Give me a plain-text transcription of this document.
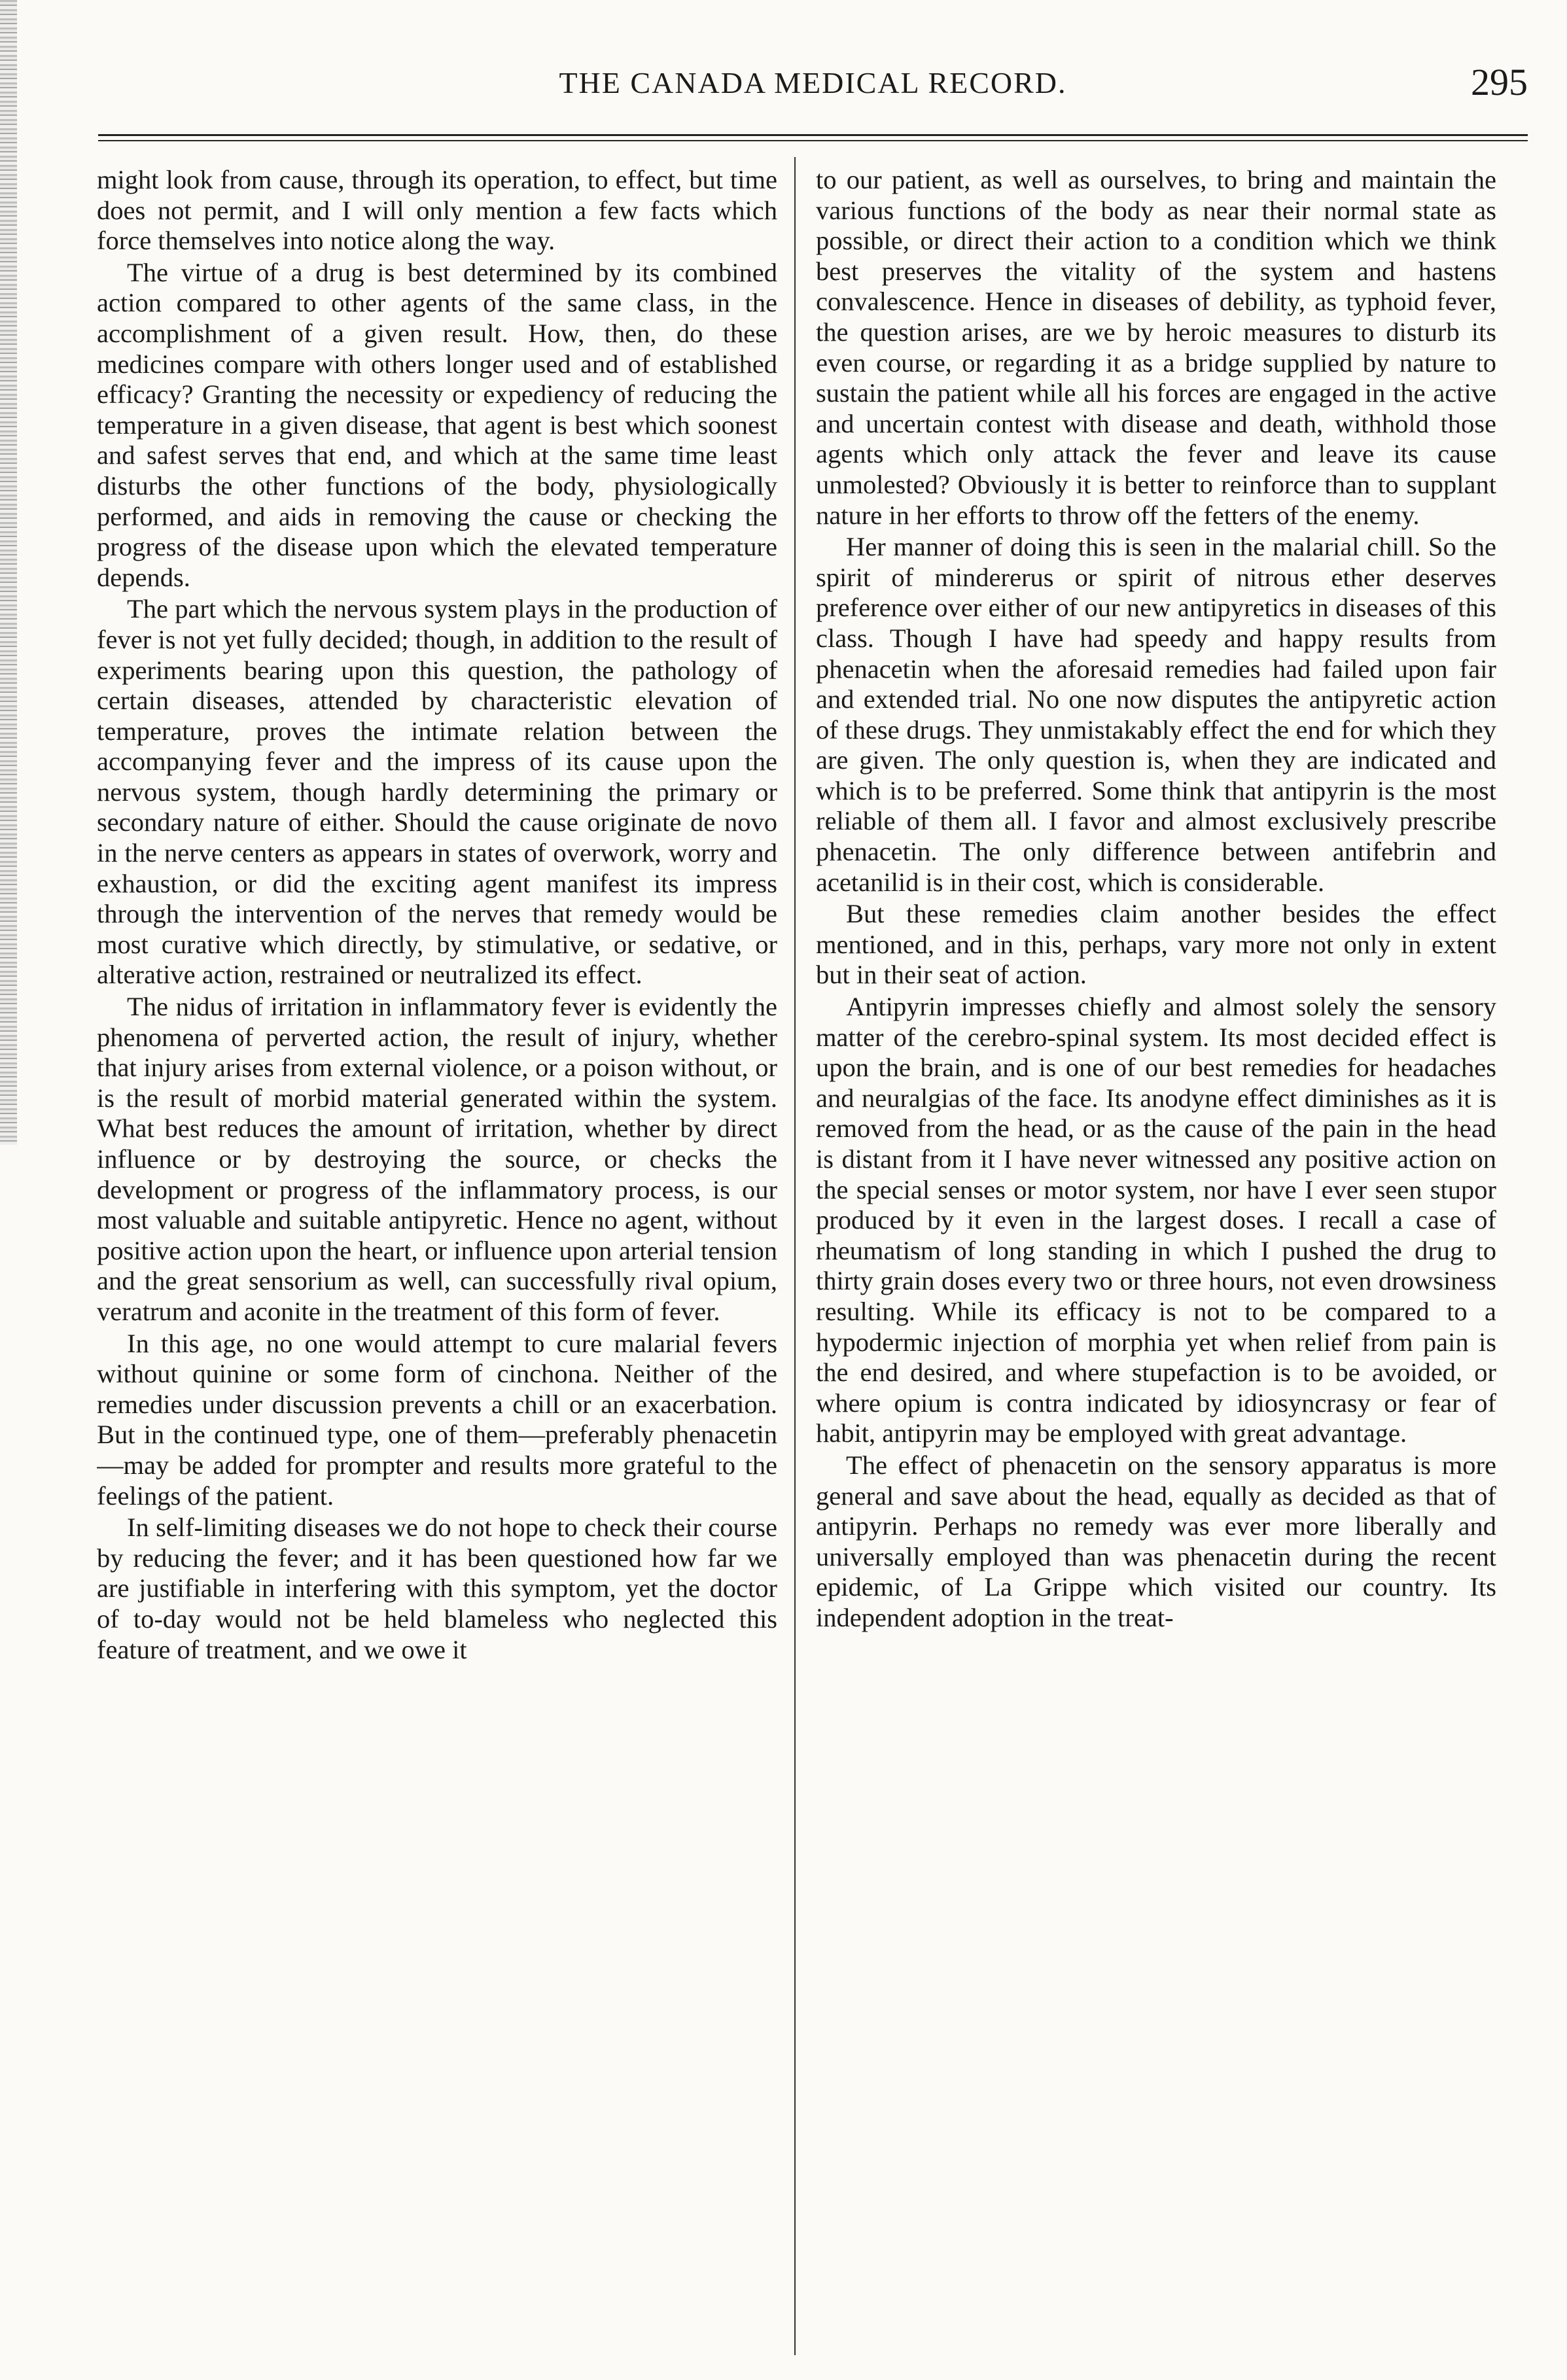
THE CANADA MEDICAL RECORD.	295

might look from cause, through its operation, to effect, but time does not permit, and I will only mention a few facts which force themselves into notice along the way.

The virtue of a drug is best determined by its combined action compared to other agents of the same class, in the accomplishment of a given result. How, then, do these medicines compare with others longer used and of established efficacy? Granting the necessity or expediency of reducing the temperature in a given disease, that agent is best which soonest and safest serves that end, and which at the same time least disturbs the other functions of the body, physiologically performed, and aids in removing the cause or checking the progress of the disease upon which the elevated temperature depends.

The part which the nervous system plays in the production of fever is not yet fully decided; though, in addition to the result of experiments bearing upon this question, the pathology of certain diseases, attended by characteristic elevation of temperature, proves the intimate relation between the accompanying fever and the impress of its cause upon the nervous system, though hardly determining the primary or secondary nature of either. Should the cause originate de novo in the nerve centers as appears in states of overwork, worry and exhaustion, or did the exciting agent manifest its impress through the intervention of the nerves that remedy would be most curative which directly, by stimulative, or sedative, or alterative action, restrained or neutralized its effect.

The nidus of irritation in inflammatory fever is evidently the phenomena of perverted action, the result of injury, whether that injury arises from external violence, or a poison without, or is the result of morbid material generated within the system. What best reduces the amount of irritation, whether by direct influence or by destroying the source, or checks the development or progress of the inflammatory process, is our most valuable and suitable antipyretic. Hence no agent, without positive action upon the heart, or influence upon arterial tension and the great sensorium as well, can successfully rival opium, veratrum and aconite in the treatment of this form of fever.

In this age, no one would attempt to cure malarial fevers without quinine or some form of cinchona. Neither of the remedies under discussion prevents a chill or an exacerbation. But in the continued type, one of them—preferably phenacetin—may be added for prompter and results more grateful to the feelings of the patient.

In self-limiting diseases we do not hope to check their course by reducing the fever; and it has been questioned how far we are justifiable in interfering with this symptom, yet the doctor of to-day would not be held blameless who neglected this feature of treatment, and we owe it

to our patient, as well as ourselves, to bring and maintain the various functions of the body as near their normal state as possible, or direct their action to a condition which we think best preserves the vitality of the system and hastens convalescence. Hence in diseases of debility, as typhoid fever, the question arises, are we by heroic measures to disturb its even course, or regarding it as a bridge supplied by nature to sustain the patient while all his forces are engaged in the active and uncertain contest with disease and death, withhold those agents which only attack the fever and leave its cause unmolested? Obviously it is better to reinforce than to supplant nature in her efforts to throw off the fetters of the enemy.

Her manner of doing this is seen in the malarial chill. So the spirit of mindererus or spirit of nitrous ether deserves preference over either of our new antipyretics in diseases of this class. Though I have had speedy and happy results from phenacetin when the aforesaid remedies had failed upon fair and extended trial. No one now disputes the antipyretic action of these drugs. They unmistakably effect the end for which they are given. The only question is, when they are indicated and which is to be preferred. Some think that antipyrin is the most reliable of them all. I favor and almost exclusively prescribe phenacetin. The only difference between antifebrin and acetanilid is in their cost, which is considerable.

But these remedies claim another besides the effect mentioned, and in this, perhaps, vary more not only in extent but in their seat of action.

Antipyrin impresses chiefly and almost solely the sensory matter of the cerebro-spinal system. Its most decided effect is upon the brain, and is one of our best remedies for headaches and neuralgias of the face. Its anodyne effect diminishes as it is removed from the head, or as the cause of the pain in the head is distant from it I have never witnessed any positive action on the special senses or motor system, nor have I ever seen stupor produced by it even in the largest doses. I recall a case of rheumatism of long standing in which I pushed the drug to thirty grain doses every two or three hours, not even drowsiness resulting. While its efficacy is not to be compared to a hypodermic injection of morphia yet when relief from pain is the end desired, and where stupefaction is to be avoided, or where opium is contra indicated by idiosyncrasy or fear of habit, antipyrin may be employed with great advantage.

The effect of phenacetin on the sensory apparatus is more general and save about the head, equally as decided as that of antipyrin. Perhaps no remedy was ever more liberally and universally employed than was phenacetin during the recent epidemic, of La Grippe which visited our country. Its independent adoption in the treat-
